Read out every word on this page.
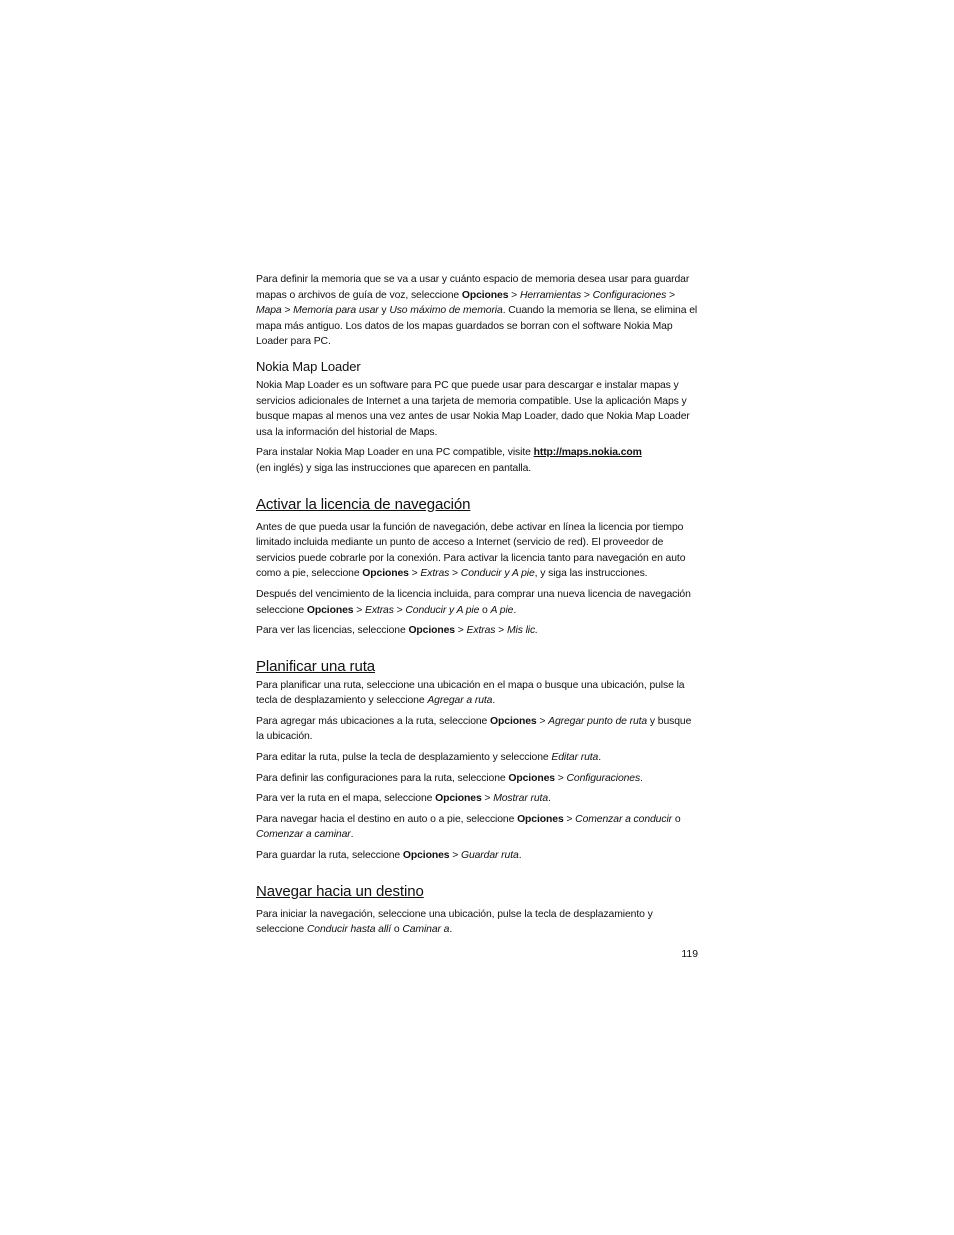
Para definir la memoria que se va a usar y cuánto espacio de memoria desea usar para guardar mapas o archivos de guía de voz, seleccione Opciones > Herramientas > Configuraciones > Mapa > Memoria para usar y Uso máximo de memoria. Cuando la memoria se llena, se elimina el mapa más antiguo. Los datos de los mapas guardados se borran con el software Nokia Map Loader para PC.

Nokia Map Loader

Nokia Map Loader es un software para PC que puede usar para descargar e instalar mapas y servicios adicionales de Internet a una tarjeta de memoria compatible. Use la aplicación Maps y busque mapas al menos una vez antes de usar Nokia Map Loader, dado que Nokia Map Loader usa la información del historial de Maps.

Para instalar Nokia Map Loader en una PC compatible, visite http://maps.nokia.com
(en inglés) y siga las instrucciones que aparecen en pantalla.

Activar la licencia de navegación

Antes de que pueda usar la función de navegación, debe activar en línea la licencia por tiempo limitado incluida mediante un punto de acceso a Internet (servicio de red). El proveedor de servicios puede cobrarle por la conexión. Para activar la licencia tanto para navegación en auto como a pie, seleccione Opciones > Extras > Conducir y A pie, y siga las instrucciones.

Después del vencimiento de la licencia incluida, para comprar una nueva licencia de navegación seleccione Opciones > Extras > Conducir y A pie o A pie.

Para ver las licencias, seleccione Opciones > Extras > Mis lic.

Planificar una ruta

Para planificar una ruta, seleccione una ubicación en el mapa o busque una ubicación, pulse la tecla de desplazamiento y seleccione Agregar a ruta.

Para agregar más ubicaciones a la ruta, seleccione Opciones > Agregar punto de ruta y busque la ubicación.

Para editar la ruta, pulse la tecla de desplazamiento y seleccione Editar ruta.

Para definir las configuraciones para la ruta, seleccione Opciones > Configuraciones.

Para ver la ruta en el mapa, seleccione Opciones > Mostrar ruta.

Para navegar hacia el destino en auto o a pie, seleccione Opciones > Comenzar a conducir o Comenzar a caminar.

Para guardar la ruta, seleccione Opciones > Guardar ruta.

Navegar hacia un destino

Para iniciar la navegación, seleccione una ubicación, pulse la tecla de desplazamiento y seleccione Conducir hasta allí o Caminar a.

119
